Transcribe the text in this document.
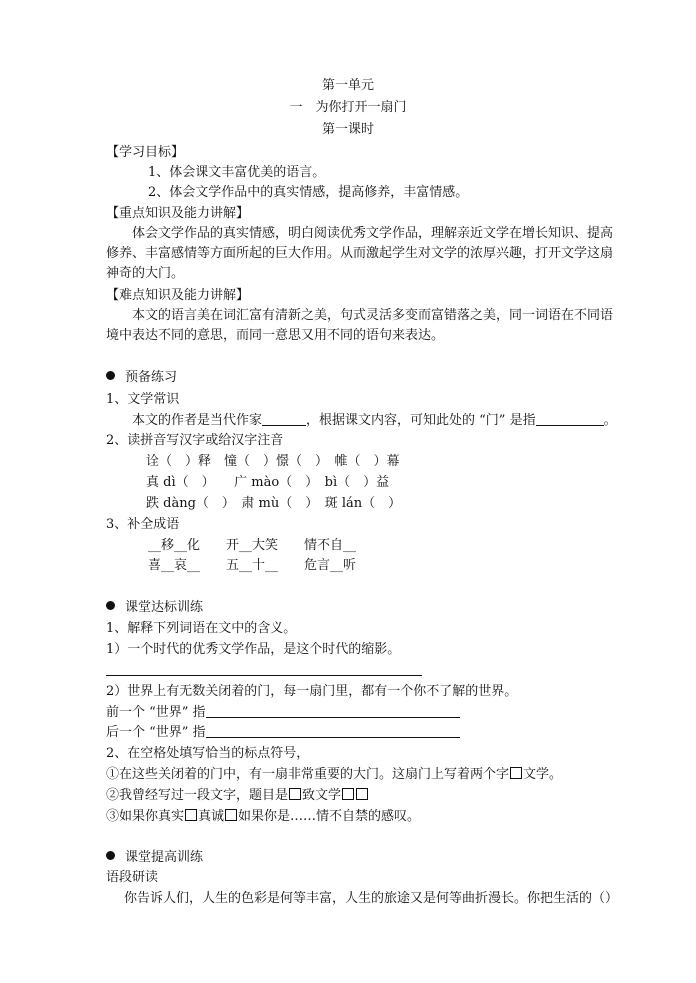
第一单元
一　为你打开一扇门
第一课时
【学习目标】
1、体会课文丰富优美的语言。
2、体会文学作品中的真实情感，提高修养，丰富情感。
【重点知识及能力讲解】
体会文学作品的真实情感，明白阅读优秀文学作品，理解亲近文学在增长知识、提高
修养、丰富感情等方面所起的巨大作用。从而激起学生对文学的浓厚兴趣，打开文学这扇
神奇的大门。
【难点知识及能力讲解】
本文的语言美在词汇富有清新之美，句式灵活多变而富错落之美，同一词语在不同语
境中表达不同的意思，而同一意思又用不同的语句来表达。
预备练习
1、文学常识
本文的作者是当代作家	，根据课文内容，可知此处的 “门” 是指	。
2、读拼音写汉字或给汉字注音
诠（　）释　憧（　）憬（　）　帷（　）幕
真 dì（　）　　广 mào（　）　bì（　）益
跌 dàng（　）　肃 mù（　）　斑 lán（　）
3、补全成语
__移__化　　开__大笑　　情不自__
喜__哀__　　五__十__　　危言__听
课堂达标训练
1、解释下列词语在文中的含义。
1）一个时代的优秀文学作品，是这个时代的缩影。
2）世界上有无数关闭着的门，每一扇门里，都有一个你不了解的世界。
前一个 “世界” 指
后一个 “世界” 指
2、在空格处填写恰当的标点符号，
①在这些关闭着的门中，有一扇非常重要的大门。这扇门上写着两个字 文学。
②我曾经写过一段文字，题目是 致文学
③如果你真实 真诚 如果你是……情不自禁的感叹。
课堂提高训练
语段研读
你告诉人们，人生的色彩是何等丰富，人生的旅途又是何等曲折漫长。你把生活的（）
